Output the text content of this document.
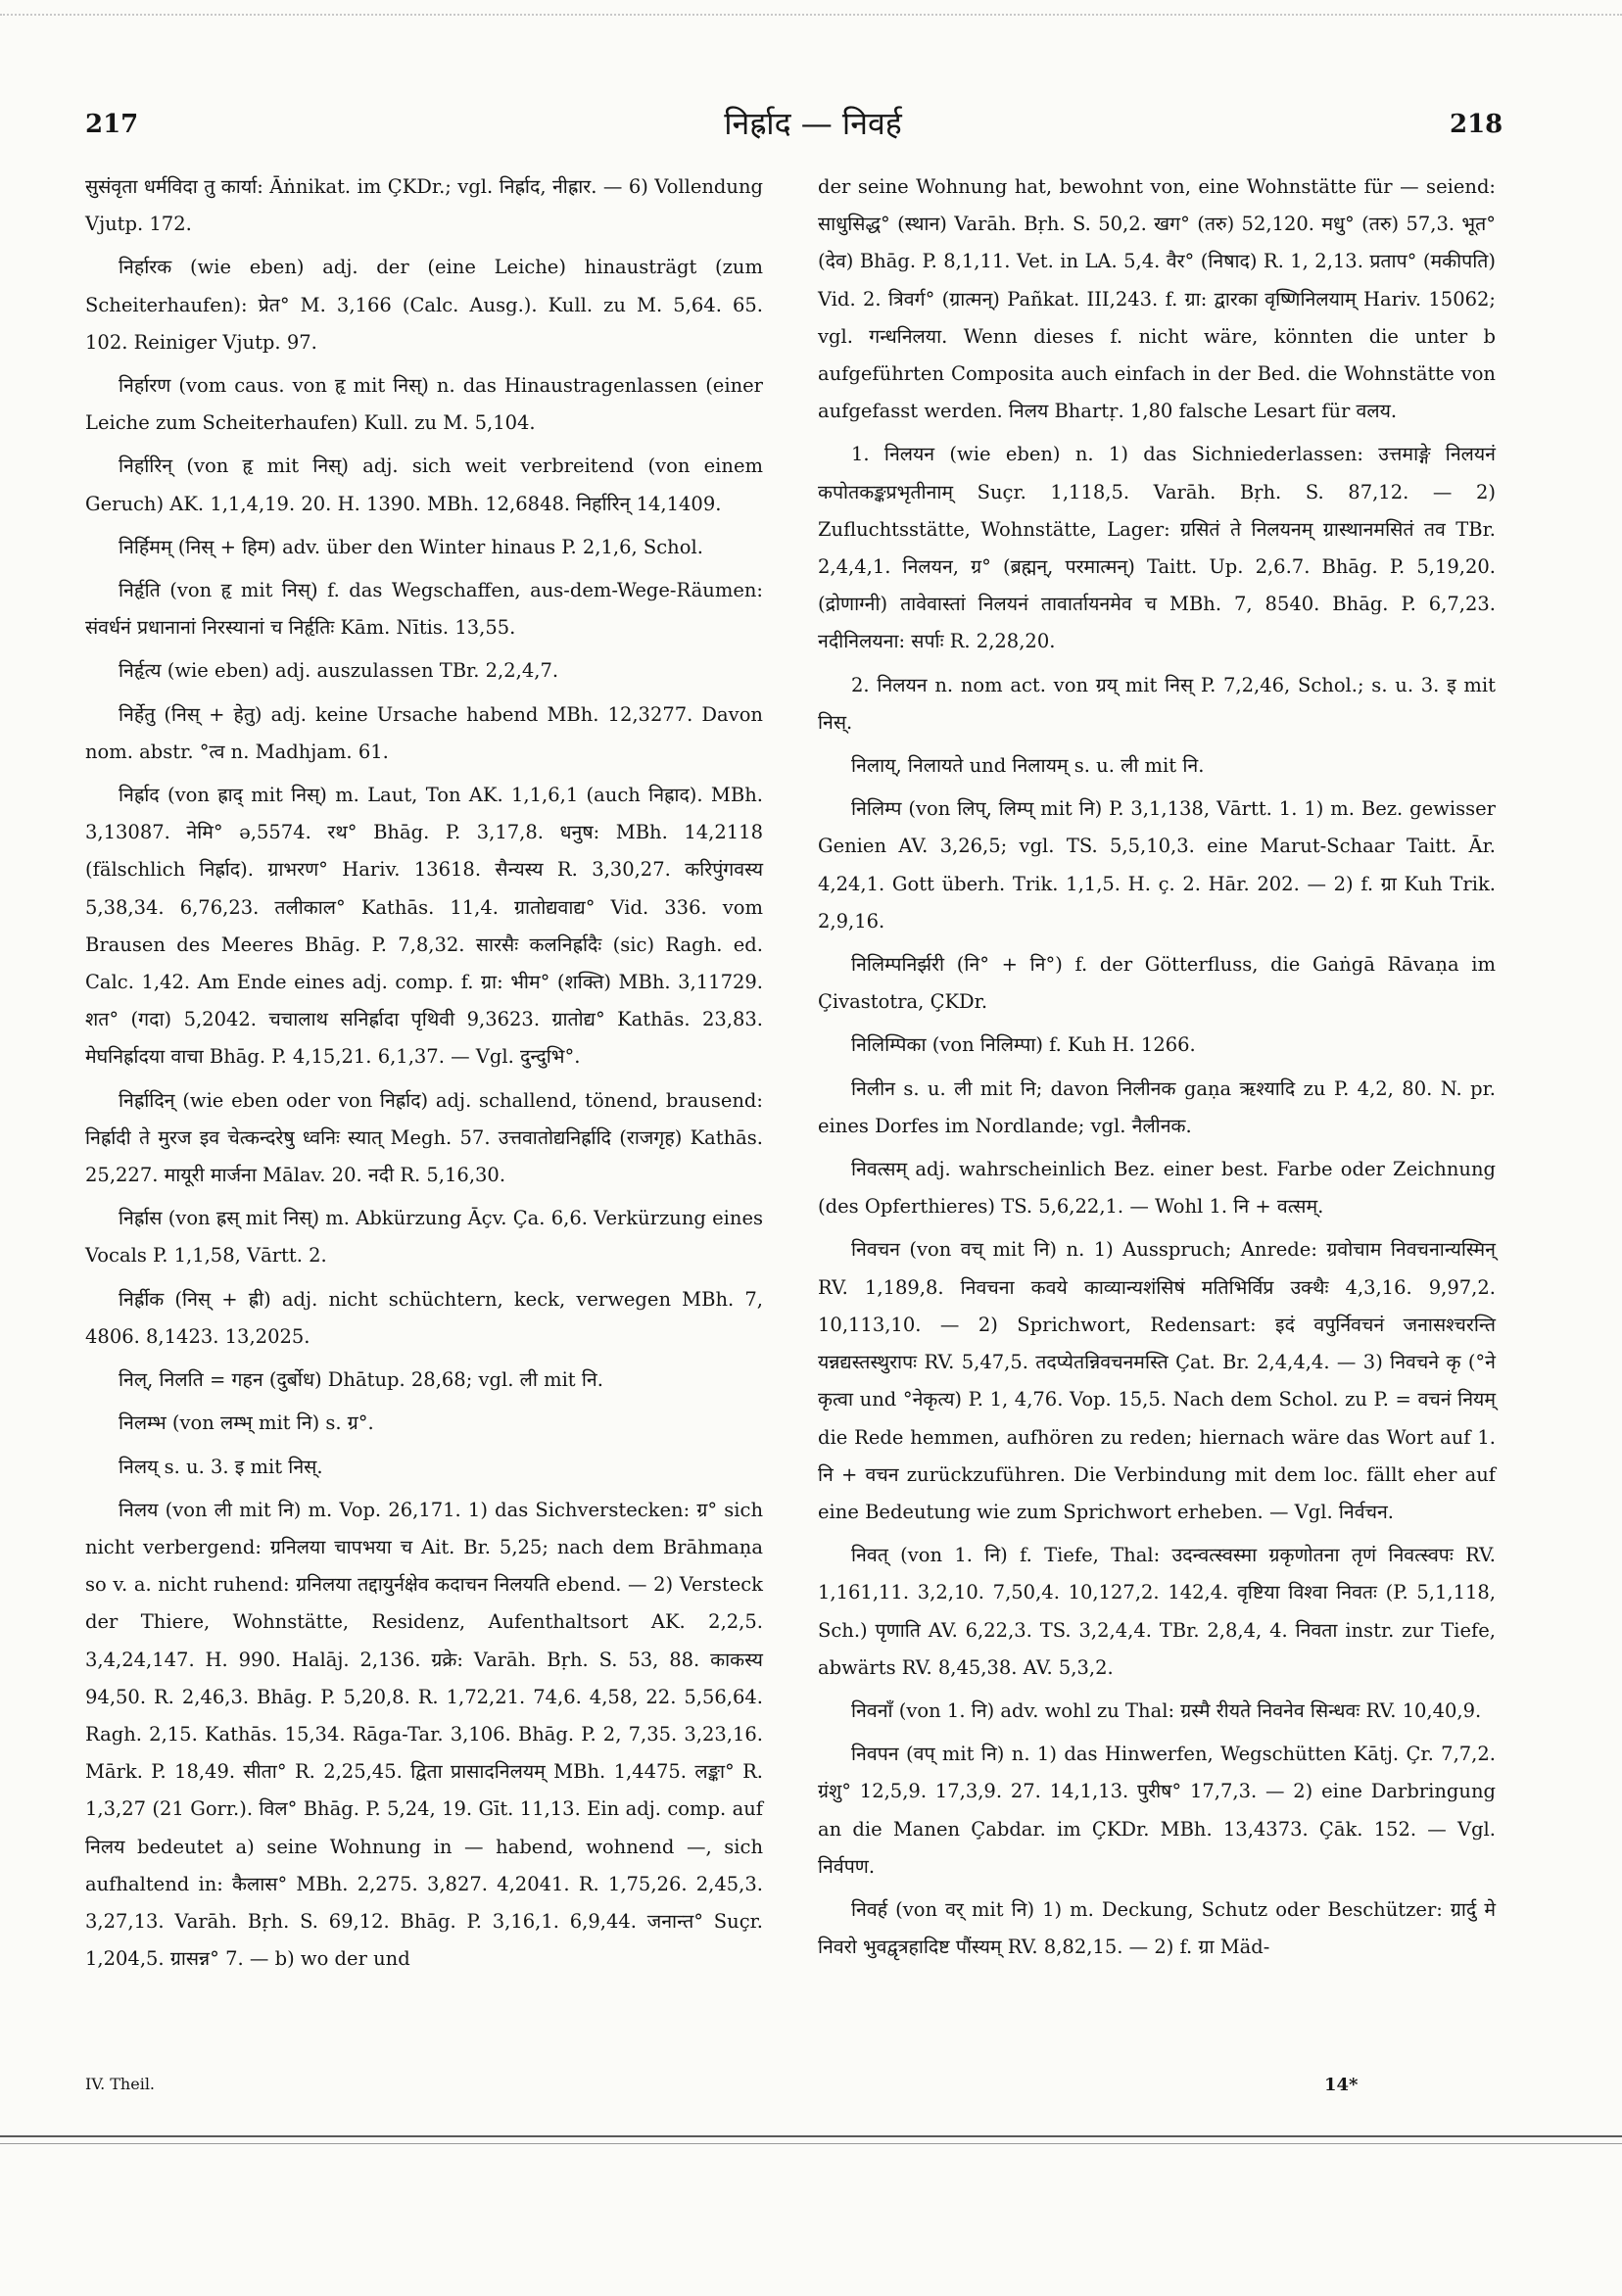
217	निर्ह्राद — निवर्ह	218

सुसंवृता धर्मविदा तु कार्या: Āṅnikat. im ÇKDr.; vgl. निर्ह्राद, नीह्रार. — 6) Vollendung Vjutp. 172.

निर्हारक (wie eben) adj. der (eine Leiche) hinausträgt (zum Scheiterhaufen): प्रेत° M. 3,166 (Calc. Ausg.). Kull. zu M. 5,64. 65. 102. Reiniger Vjutp. 97.

निर्हारण (vom caus. von हृ mit निस्) n. das Hinaustragenlassen (einer Leiche zum Scheiterhaufen) Kull. zu M. 5,104.

निर्हारिन् (von हृ mit निस्) adj. sich weit verbreitend (von einem Geruch) AK. 1,1,4,19. 20. H. 1390. MBh. 12,6848. निर्हारिन् 14,1409.

निर्हिमम् (निस् + हिम) adv. über den Winter hinaus P. 2,1,6, Schol.

निर्हृति (von हृ mit निस्) f. das Wegschaffen, aus-dem-Wege-Räumen: संवर्धनं प्रधानानां निरस्यानां च निर्हृतिः Kām. Nītis. 13,55.

निर्हृत्य (wie eben) adj. auszulassen TBr. 2,2,4,7.

निर्हेतु (निस् + हेतु) adj. keine Ursache habend MBh. 12,3277. Davon nom. abstr. °त्व n. Madhjam. 61.

निर्ह्राद (von ह्राद् mit निस्) m. Laut, Ton AK. 1,1,6,1 (auch निह्राद). MBh. 3,13087. नेमि° ə,5574. रथ° Bhāg. P. 3,17,8. धनुष: MBh. 14,2118 (fälschlich निर्ह्राद). ग्राभरण° Hariv. 13618. सैन्यस्य R. 3,30,27. करिपुंगवस्य 5,38,34. 6,76,23. तलीकाल° Kathās. 11,4. ग्रातोद्यवाद्य° Vid. 336. vom Brausen des Meeres Bhāg. P. 7,8,32. सारसैः कलनिर्ह्रादैः (sic) Ragh. ed. Calc. 1,42. Am Ende eines adj. comp. f. ग्रा: भीम° (शक्ति) MBh. 3,11729. शत° (गदा) 5,2042. चचालाथ सनिर्ह्रादा पृथिवी 9,3623. ग्रातोद्य° Kathās. 23,83. मेघनिर्ह्रादया वाचा Bhāg. P. 4,15,21. 6,1,37. — Vgl. दुन्दुभि°.

निर्ह्रादिन् (wie eben oder von निर्ह्राद) adj. schallend, tönend, brausend: निर्ह्रादी ते मुरज इव चेत्कन्दरेषु ध्वनिः स्यात् Megh. 57. उत्तवातोद्यनिर्ह्रादि (राजगृह) Kathās. 25,227. मायूरी मार्जना Mālav. 20. नदी R. 5,16,30.

निर्ह्रास (von ह्रस् mit निस्) m. Abkürzung Āçv. Ça. 6,6. Verkürzung eines Vocals P. 1,1,58, Vārtt. 2.

निर्ह्रीक (निस् + ह्री) adj. nicht schüchtern, keck, verwegen MBh. 7, 4806. 8,1423. 13,2025.

निल्, निलति = गहन (दुर्बोध) Dhātup. 28,68; vgl. ली mit नि.

निलम्भ (von लम्भ् mit नि) s. ग्र°.

निलय् s. u. 3. इ mit निस्.

निलय (von ली mit नि) m. Vop. 26,171. 1) das Sichverstecken: ग्र° sich nicht verbergend: ग्रनिलया चापभया च Ait. Br. 5,25; nach dem Brāhmaṇa so v. a. nicht ruhend: ग्रनिलया तद्दायुर्नक्षेव कदाचन निलयति ebend. — 2) Versteck der Thiere, Wohnstätte, Residenz, Aufenthaltsort AK. 2,2,5. 3,4,24,147. H. 990. Halāj. 2,136. ग्रक्रे: Varāh. Bṛh. S. 53, 88. काकस्य 94,50. R. 2,46,3. Bhāg. P. 5,20,8. R. 1,72,21. 74,6. 4,58, 22. 5,56,64. Ragh. 2,15. Kathās. 15,34. Rāga-Tar. 3,106. Bhāg. P. 2, 7,35. 3,23,16. Mārk. P. 18,49. सीता° R. 2,25,45. द्विता प्रासादनिलयम् MBh. 1,4475. लङ्का° R. 1,3,27 (21 Gorr.). विल° Bhāg. P. 5,24, 19. Gīt. 11,13. Ein adj. comp. auf निलय bedeutet a) seine Wohnung in — habend, wohnend —, sich aufhaltend in: कैलास° MBh. 2,275. 3,827. 4,2041. R. 1,75,26. 2,45,3. 3,27,13. Varāh. Bṛh. S. 69,12. Bhāg. P. 3,16,1. 6,9,44. जनान्त° Suçr. 1,204,5. ग्रासन्न° 7. — b) wo der und

der seine Wohnung hat, bewohnt von, eine Wohnstätte für — seiend: साधुसिद्ध° (स्थान) Varāh. Bṛh. S. 50,2. खग° (तरु) 52,120. मधु° (तरु) 57,3. भूत° (देव) Bhāg. P. 8,1,11. Vet. in LA. 5,4. वैर° (निषाद) R. 1, 2,13. प्रताप° (मकीपति) Vid. 2. त्रिवर्ग° (ग्रात्मन्) Pañkat. III,243. f. ग्रा: द्वारका वृष्णिनिलयाम् Hariv. 15062; vgl. गन्धनिलया. Wenn dieses f. nicht wäre, könnten die unter b aufgeführten Composita auch einfach in der Bed. die Wohnstätte von aufgefasst werden. निलय Bhartṛ. 1,80 falsche Lesart für वलय.

1. निलयन (wie eben) n. 1) das Sichniederlassen: उत्तमाङ्गे निलयनं कपोतकङ्कप्रभृतीनाम् Suçr. 1,118,5. Varāh. Bṛh. S. 87,12. — 2) Zufluchtsstätte, Wohnstätte, Lager: ग्रसितं ते निलयनम् ग्रास्थानमसितं तव TBr. 2,4,4,1. निलयन, ग्र° (ब्रह्मन्, परमात्मन्) Taitt. Up. 2,6.7. Bhāg. P. 5,19,20. (द्रोणाग्नी) तावेवास्तां निलयनं तावार्तायनमेव च MBh. 7, 8540. Bhāg. P. 6,7,23. नदीनिलयना: सर्पाः R. 2,28,20.

2. निलयन n. nom act. von ग्रय् mit निस् P. 7,2,46, Schol.; s. u. 3. इ mit निस्.

निलाय्, निलायते und निलायम् s. u. ली mit नि.

निलिम्प (von लिप्, लिम्प् mit नि) P. 3,1,138, Vārtt. 1. 1) m. Bez. gewisser Genien AV. 3,26,5; vgl. TS. 5,5,10,3. eine Marut-Schaar Taitt. Ār. 4,24,1. Gott überh. Trik. 1,1,5. H. ç. 2. Hār. 202. — 2) f. ग्रा Kuh Trik. 2,9,16.

निलिम्पनिर्झरी (नि° + नि°) f. der Götterfluss, die Gaṅgā Rāvaṇa im Çivastotra, ÇKDr.

निलिम्पिका (von निलिम्पा) f. Kuh H. 1266.

निलीन s. u. ली mit नि; davon निलीनक gaṇa ऋश्यादि zu P. 4,2, 80. N. pr. eines Dorfes im Nordlande; vgl. नैलीनक.

निवत्सम् adj. wahrscheinlich Bez. einer best. Farbe oder Zeichnung (des Opferthieres) TS. 5,6,22,1. — Wohl 1. नि + वत्सम्.

निवचन (von वच् mit नि) n. 1) Ausspruch; Anrede: ग्रवोचाम निवचनान्यस्मिन् RV. 1,189,8. निवचना कवये काव्यान्यशंसिषं मतिभिर्विप्र उक्थैः 4,3,16. 9,97,2. 10,113,10. — 2) Sprichwort, Redensart: इदं वपुर्निवचनं जनासश्चरन्ति यन्नद्यस्तस्थुरापः RV. 5,47,5. तदप्येतन्निवचनमस्ति Çat. Br. 2,4,4,4. — 3) निवचने कृ (°ने कृत्वा und °नेकृत्य) P. 1, 4,76. Vop. 15,5. Nach dem Schol. zu P. = वचनं नियम् die Rede hemmen, aufhören zu reden; hiernach wäre das Wort auf 1. नि + वचन zurückzuführen. Die Verbindung mit dem loc. fällt eher auf eine Bedeutung wie zum Sprichwort erheben. — Vgl. निर्वचन.

निवत् (von 1. नि) f. Tiefe, Thal: उदन्वत्स्वस्मा ग्रकृणोतना तृणं निवत्स्वपः RV. 1,161,11. 3,2,10. 7,50,4. 10,127,2. 142,4. वृष्टिया विश्वा निवतः (P. 5,1,118, Sch.) पृणाति AV. 6,22,3. TS. 3,2,4,4. TBr. 2,8,4, 4. निवता instr. zur Tiefe, abwärts RV. 8,45,38. AV. 5,3,2.

निवनाँ (von 1. नि) adv. wohl zu Thal: ग्रस्मै रीयते निवनेव सिन्धवः RV. 10,40,9.

निवपन (वप् mit नि) n. 1) das Hinwerfen, Wegschütten Kātj. Çr. 7,7,2. ग्रंशु° 12,5,9. 17,3,9. 27. 14,1,13. पुरीष° 17,7,3. — 2) eine Darbringung an die Manen Çabdar. im ÇKDr. MBh. 13,4373. Çāk. 152. — Vgl. निर्वपण.

निवर्ह (von वर् mit नि) 1) m. Deckung, Schutz oder Beschützer: ग्रार्दु मे निवरो भुवद्वृत्रहादिष्ट पौंस्यम् RV. 8,82,15. — 2) f. ग्रा Mäd-

IV. Theil.	14*
